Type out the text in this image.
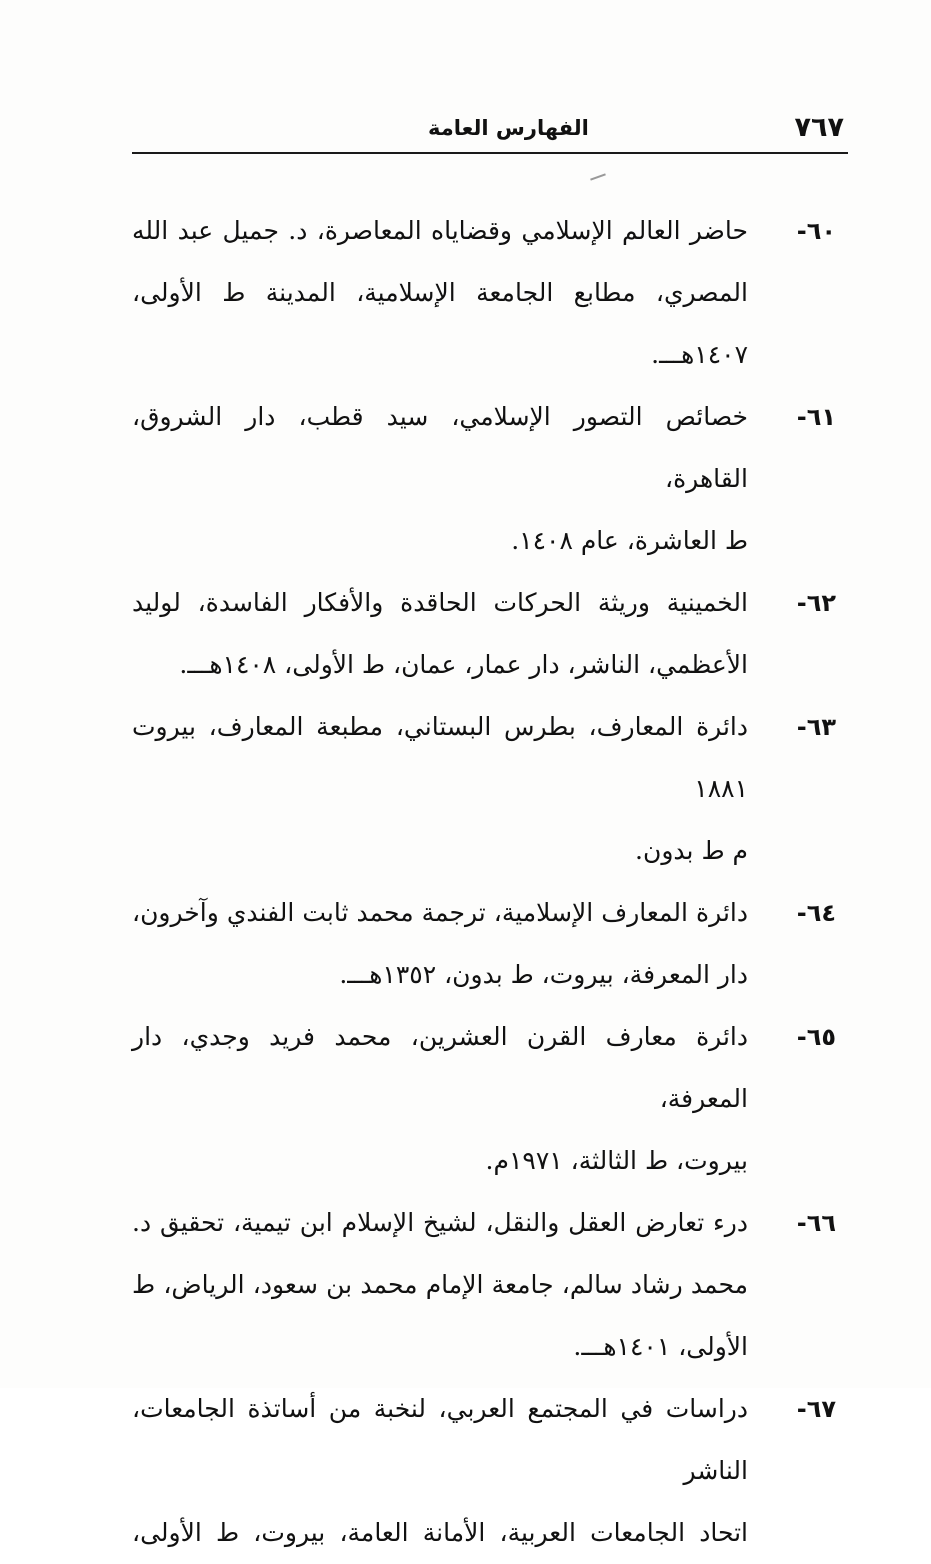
٧٦٧
الفهارس العامة
٦٠-
حاضر العالم الإسلامي وقضاياه المعاصرة، د. جميل عبد الله
المصري، مطابع الجامعة الإسلامية، المدينة ط الأولى، ١٤٠٧هـــ.
٦١-
خصائص التصور الإسلامي، سيد قطب، دار الشروق، القاهرة،
ط العاشرة، عام ١٤٠٨.
٦٢-
الخمينية وريثة الحركات الحاقدة والأفكار الفاسدة، لوليد
الأعظمي، الناشر، دار عمار، عمان، ط الأولى، ١٤٠٨هـــ.
٦٣-
دائرة المعارف، بطرس البستاني، مطبعة المعارف، بيروت ١٨٨١
م ط بدون.
٦٤-
دائرة المعارف الإسلامية، ترجمة محمد ثابت الفندي وآخرون،
دار المعرفة، بيروت، ط بدون، ١٣٥٢هـــ.
٦٥-
دائرة معارف القرن العشرين، محمد فريد وجدي، دار المعرفة،
بيروت، ط الثالثة، ١٩٧١م.
٦٦-
درء تعارض العقل والنقل، لشيخ الإسلام ابن تيمية، تحقيق د.
محمد رشاد سالم، جامعة الإمام محمد بن سعود، الرياض، ط
الأولى، ١٤٠١هـــ.
٦٧-
دراسات في المجتمع العربي، لنخبة من أساتذة الجامعات، الناشر
اتحاد الجامعات العربية، الأمانة العامة، بيروت، ط الأولى،
